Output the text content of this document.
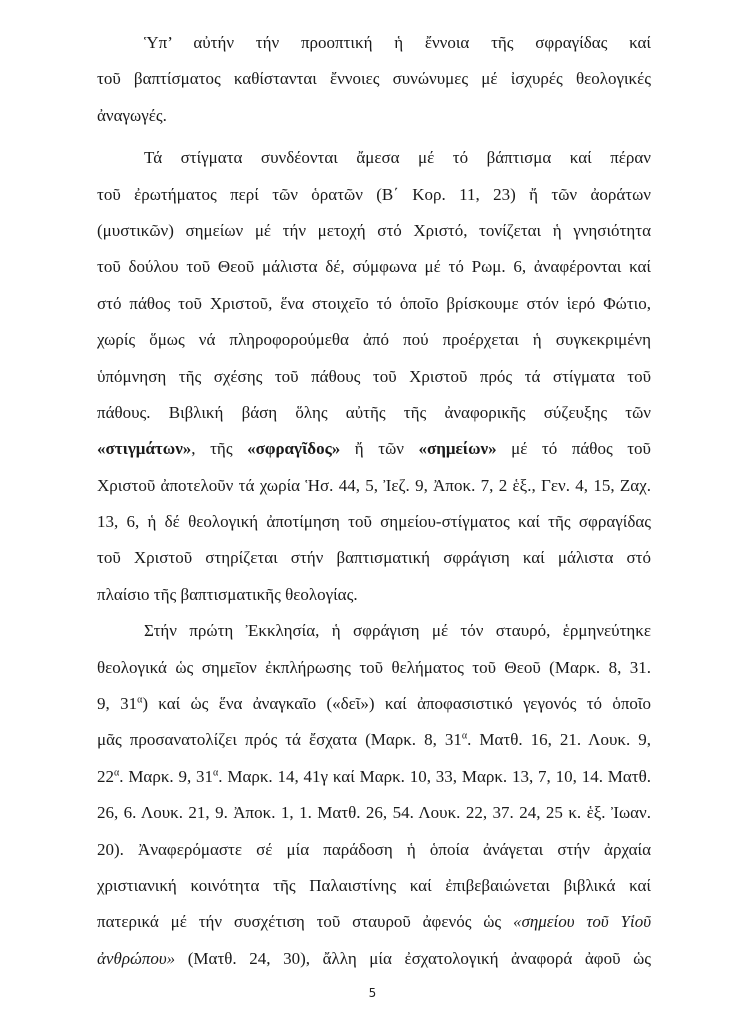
Ὑπ’ αὐτήν τήν προοπτική ἡ ἔννοια τῆς σφραγίδας καί
τοῦ βαπτίσματος καθίστανται ἔννοιες συνώνυμες μέ ἰσχυρές θεολογικές
ἀναγωγές.
Τά στίγματα συνδέονται ἄμεσα μέ τό βάπτισμα καί πέραν
τοῦ ἐρωτήματος περί τῶν ὁρατῶν (Β΄ Κορ. 11, 23) ἤ τῶν ἀοράτων
(μυστικῶν) σημείων μέ τήν μετοχή στό Χριστό, τονίζεται ἡ γνησιότητα
τοῦ δούλου τοῦ Θεοῦ μάλιστα δέ, σύμφωνα μέ τό Ρωμ. 6, ἀναφέρονται καί
στό πάθος τοῦ Χριστοῦ, ἕνα στοιχεῖο τό ὁποῖο βρίσκουμε στόν ἱερό Φώτιο,
χωρίς ὅμως νά πληροφορούμεθα ἀπό πού προέρχεται ἡ συγκεκριμένη
ὑπόμνηση τῆς σχέσης τοῦ πάθους τοῦ Χριστοῦ πρός τά στίγματα τοῦ
πάθους. Βιβλική βάση ὅλης αὐτῆς τῆς ἀναφορικῆς σύζευξης τῶν
«στιγμάτων», τῆς «σφραγῖδος» ἤ τῶν «σημείων» μέ τό πάθος τοῦ
Χριστοῦ ἀποτελοῦν τά χωρία Ἡσ. 44, 5, Ἰεζ. 9, Ἀποκ. 7, 2 ἑξ., Γεν. 4, 15, Ζαχ.
13, 6, ἡ δέ θεολογική ἀποτίμηση τοῦ σημείου-στίγματος καί τῆς σφραγίδας
τοῦ Χριστοῦ στηρίζεται στήν βαπτισματική σφράγιση καί μάλιστα στό
πλαίσιο τῆς βαπτισματικῆς θεολογίας.
Στήν πρώτη Ἐκκλησία, ἡ σφράγιση μέ τόν σταυρό, ἑρμηνεύτηκε
θεολογικά ὡς σημεῖον ἐκπλήρωσης τοῦ θελήματος τοῦ Θεοῦ (Μαρκ. 8, 31.
9, $31^\alpha$) καί ὡς ἕνα ἀναγκαῖο («δεῖ») καί ἀποφασιστικό γεγονός τό ὁποῖο
μᾶς προσανατολίζει πρός τά ἔσχατα (Μαρκ. 8, $31^\alpha$. Ματθ. 16, 21. Λουκ. 9,
$22^\alpha$. Μαρκ. 9, $31^\alpha$. Μαρκ. 14, 41γ καί Μαρκ. 10, 33, Μαρκ. 13, 7, 10, 14. Ματθ.
26, 6. Λουκ. 21, 9. Ἀποκ. 1, 1. Ματθ. 26, 54. Λουκ. 22, 37. 24, 25 κ. ἑξ. Ἰωαν.
20). Ἀναφερόμαστε σέ μία παράδοση ἡ ὁποία ἀνάγεται στήν ἀρχαία
χριστιανική κοινότητα τῆς Παλαιστίνης καί ἐπιβεβαιώνεται βιβλικά καί
πατερικά μέ τήν συσχέτιση τοῦ σταυροῦ ἀφενός ὡς «σημείου τοῦ Υἱοῦ
ἀνθρώπου» (Ματθ. 24, 30), ἄλλη μία ἐσχατολογική ἀναφορά ἀφοῦ ὡς
5
